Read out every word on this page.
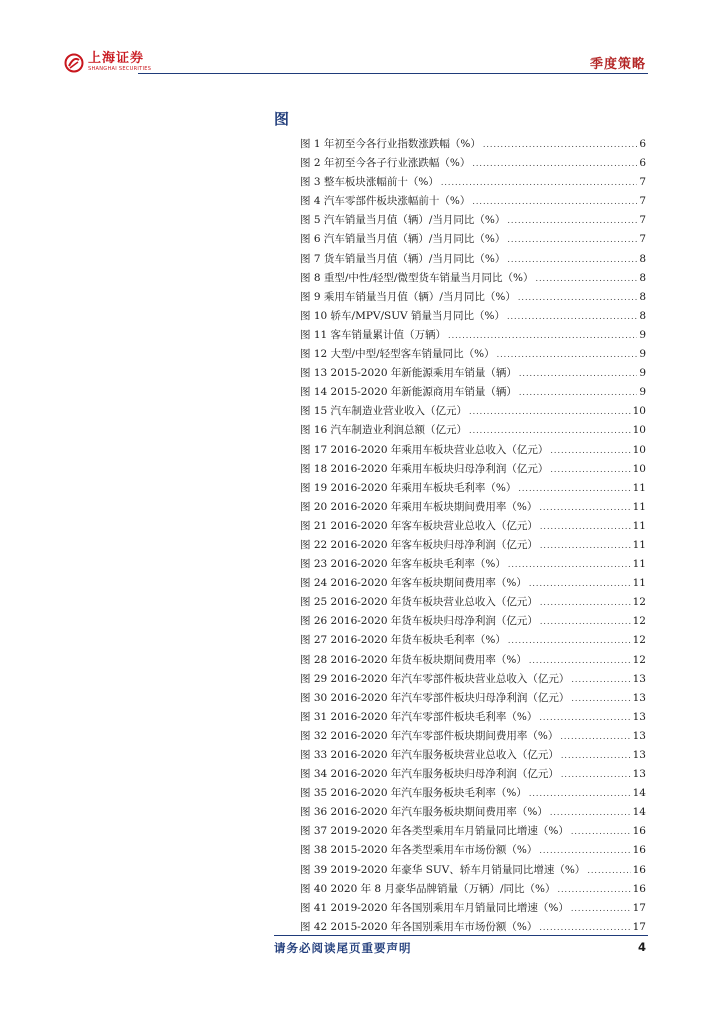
上海证券
SHANGHAI SECURITIES	季度策略
图
图 1 年初至今各行业指数涨跌幅（%） .....	6
图 2 年初至今各子行业涨跌幅（%） .....	6
图 3 整车板块涨幅前十（%） .....	7
图 4 汽车零部件板块涨幅前十（%） .....	7
图 5 汽车销量当月值（辆）/当月同比（%） .....	7
图 6 汽车销量当月值（辆）/当月同比（%） .....	7
图 7 货车销量当月值（辆）/当月同比（%） .....	8
图 8 重型/中性/轻型/微型货车销量当月同比（%） .....	8
图 9 乘用车销量当月值（辆）/当月同比（%） .....	8
图 10 轿车/MPV/SUV 销量当月同比（%） .....	8
图 11 客车销量累计值（万辆） .....	9
图 12 大型/中型/轻型客车销量同比（%） .....	9
图 13 2015-2020 年新能源乘用车销量（辆） .....	9
图 14 2015-2020 年新能源商用车销量（辆） .....	9
图 15 汽车制造业营业收入（亿元） .....	10
图 16 汽车制造业利润总额（亿元） .....	10
图 17 2016-2020 年乘用车板块营业总收入（亿元） .....	10
图 18 2016-2020 年乘用车板块归母净利润（亿元） .....	10
图 19 2016-2020 年乘用车板块毛利率（%） .....	11
图 20 2016-2020 年乘用车板块期间费用率（%） .....	11
图 21 2016-2020 年客车板块营业总收入（亿元） .....	11
图 22 2016-2020 年客车板块归母净利润（亿元） .....	11
图 23 2016-2020 年客车板块毛利率（%） .....	11
图 24 2016-2020 年客车板块期间费用率（%） .....	11
图 25 2016-2020 年货车板块营业总收入（亿元） .....	12
图 26 2016-2020 年货车板块归母净利润（亿元） .....	12
图 27 2016-2020 年货车板块毛利率（%） .....	12
图 28 2016-2020 年货车板块期间费用率（%） .....	12
图 29 2016-2020 年汽车零部件板块营业总收入（亿元） .....	13
图 30 2016-2020 年汽车零部件板块归母净利润（亿元） .....	13
图 31 2016-2020 年汽车零部件板块毛利率（%） .....	13
图 32 2016-2020 年汽车零部件板块期间费用率（%） .....	13
图 33 2016-2020 年汽车服务板块营业总收入（亿元） .....	13
图 34 2016-2020 年汽车服务板块归母净利润（亿元） .....	13
图 35 2016-2020 年汽车服务板块毛利率（%） .....	14
图 36 2016-2020 年汽车服务板块期间费用率（%） .....	14
图 37 2019-2020 年各类型乘用车月销量同比增速（%） .....	16
图 38 2015-2020 年各类型乘用车市场份额（%） .....	16
图 39 2019-2020 年豪华 SUV、轿车月销量同比增速（%） .....	16
图 40 2020 年 8 月豪华品牌销量（万辆）/同比（%） .....	16
图 41 2019-2020 年各国别乘用车月销量同比增速（%） .....	17
图 42 2015-2020 年各国别乘用车市场份额（%） .....	17
请务必阅读尾页重要声明	4
